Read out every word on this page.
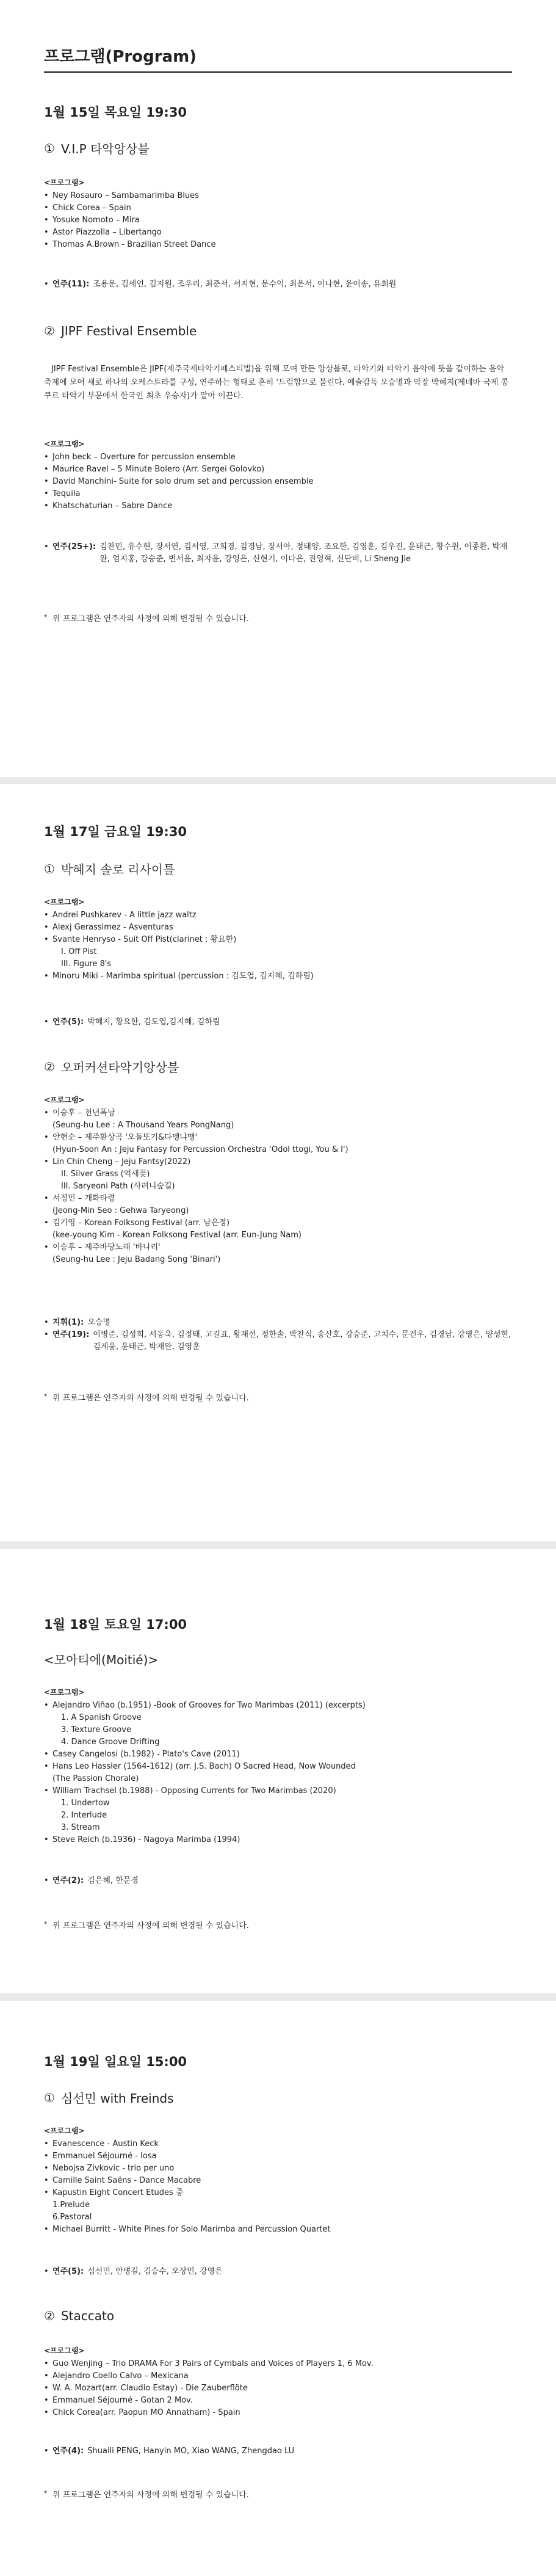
프로그램(Program)
1월 15일 목요일 19:30
① V.I.P 타악앙상블

<프로그램>

• Ney Rosauro – Sambamarimba Blues
• Chick Corea – Spain
• Yosuke Nomoto – Mira
• Astor Piazzolla – Libertango
• Thomas A.Brown - Brazilian Street Dance
• 연주(11): 조용운, 김세연, 김지원, 조우리, 최준서, 서지현, 문수익, 최은서, 이나현, 윤이송, 유희원
② JIPF Festival Ensemble

JIPF Festival Ensemble은 JIPF(제주국제타악기페스티벌)을 위해 모여 만든 앙상블로, 타악기와 타악기 음악에 뜻을 같이하는 음악 축제에 모여 새로 하나의 오케스트라를 구성, 연주하는 형태로 흔히 '드럼합으로 불린다. 예술감독 오승명과 악장 박혜지(제네바 국제 콩쿠르 타악기 부문에서 한국인 최초 우승자)가 맡아 이끈다.

<프로그램>

• John beck – Overture for percussion ensemble
• Maurice Ravel – 5 Minute Bolero (Arr. Sergei Golovko)
• David Manchini- Suite for solo drum set and percussion ensemble
• Tequila
• Khatschaturian – Sabre Dance
• 연주(25+): 김찬민, 유수현, 장서연, 김서영, 고희경, 김경남, 장서아, 정태양, 조요한, 김영훈, 김우진, 윤태근, 황수원, 이종환, 박재완, 엄지홍, 강승준, 변서윤, 최자윤, 강영은, 신현기, 이다은, 진영혁, 신단비, Li Sheng Jie
* 위 프로그램은 연주자의 사정에 의해 변경될 수 있습니다.
1월 17일 금요일 19:30
① 박혜지 솔로 리사이틀

<프로그램>

• Andrei Pushkarev - A little jazz waltz
• Alexj Gerassimez - Asventuras
• Svante Henryso - Suit Off Pist(clarinet : 황요한)
I. Off Pist
III. Figure 8's
• Minoru Miki - Marimba spiritual (percussion : 김도엽, 김지혜, 김하림)
• 연주(5): 박혜지, 황요한, 김도엽,김지혜, 김하림
② 오퍼커션타악기앙상블

<프로그램>

• 이승후 – 천년폭낭
(Seung-hu Lee : A Thousand Years PongNang)
• 안현순 – 제주환상곡 '오돌또기&다뎅냐맹'
(Hyun-Soon An : Jeju Fantasy for Percussion Orchestra 'Odol ttogi, You & I')
• Lin Chin Cheng – Jeju Fantsy(2022)
II. Silver Grass (억새꽃)
III. Saryeoni Path (사려니숲길)
• 서정민 – 개화타령
(Jeong-Min Seo : Gehwa Taryeong)
• 김기영 – Korean Folksong Festival (arr. 남은정)
(kee-young Kim - Korean Folksong Festival (arr. Eun-Jung Nam)
• 이승후 – 제주바당노래 '바나리'
(Seung-hu Lee : Jeju Badang Song 'Binari')
• 지휘(1): 오승명
• 연주(19): 이병준, 김성희, 서동욱, 김정태, 고길표, 황재선, 정한솔, 박찬식, 송산호, 강승준, 고치수, 문건우, 김경남, 강영은, 양성현, 김계웅, 윤태근, 박재완, 김영훈
* 위 프로그램은 연주자의 사정에 의해 변경될 수 있습니다.
1월 18일 토요일 17:00
<모아티에(Moitié)>

<프로그램>

• Alejandro Viñao (b.1951) -Book of Grooves for Two Marimbas (2011) (excerpts)
1. A Spanish Groove
3. Texture Groove
4. Dance Groove Drifting
• Casey Cangelosi (b.1982) - Plato's Cave (2011)
• Hans Leo Hassler (1564-1612) (arr. J.S. Bach) O Sacred Head, Now Wounded
(The Passion Chorale)
• William Trachsel (b.1988) - Opposing Currents for Two Marimbas (2020)
1. Undertow
2. Interlude
3. Stream
• Steve Reich (b.1936) - Nagoya Marimba (1994)
• 연주(2): 김은혜, 한문경
* 위 프로그램은 연주자의 사정에 의해 변경될 수 있습니다.
1월 19일 일요일 15:00
① 심선민 with Freinds

<프로그램>

• Evanescence - Austin Keck
• Emmanuel Séjourné - Iosa
• Nebojsa Zivkovic - trio per uno
• Camille Saint Saëns - Dance Macabre
• Kapustin Eight Concert Etudes 중
1.Prelude
6.Pastoral
• Michael Burritt - White Pines for Solo Marimba and Percussion Quartet
• 연주(5): 심선민, 안병길, 김승수, 오상민, 강영은
② Staccato

<프로그램>

• Guo Wenjing – Trio DRAMA For 3 Pairs of Cymbals and Voices of Players 1, 6 Mov.
• Alejandro Coello Calvo – Mexicana
• W. A. Mozart(arr. Claudio Estay) - Die Zauberflöte
• Emmanuel Séjourné - Gotan 2 Mov.
• Chick Corea(arr. Paopun MO Annatham) - Spain
• 연주(4): Shuaili PENG, Hanyin MO, Xiao WANG, Zhengdao LU
* 위 프로그램은 연주자의 사정에 의해 변경될 수 있습니다.
